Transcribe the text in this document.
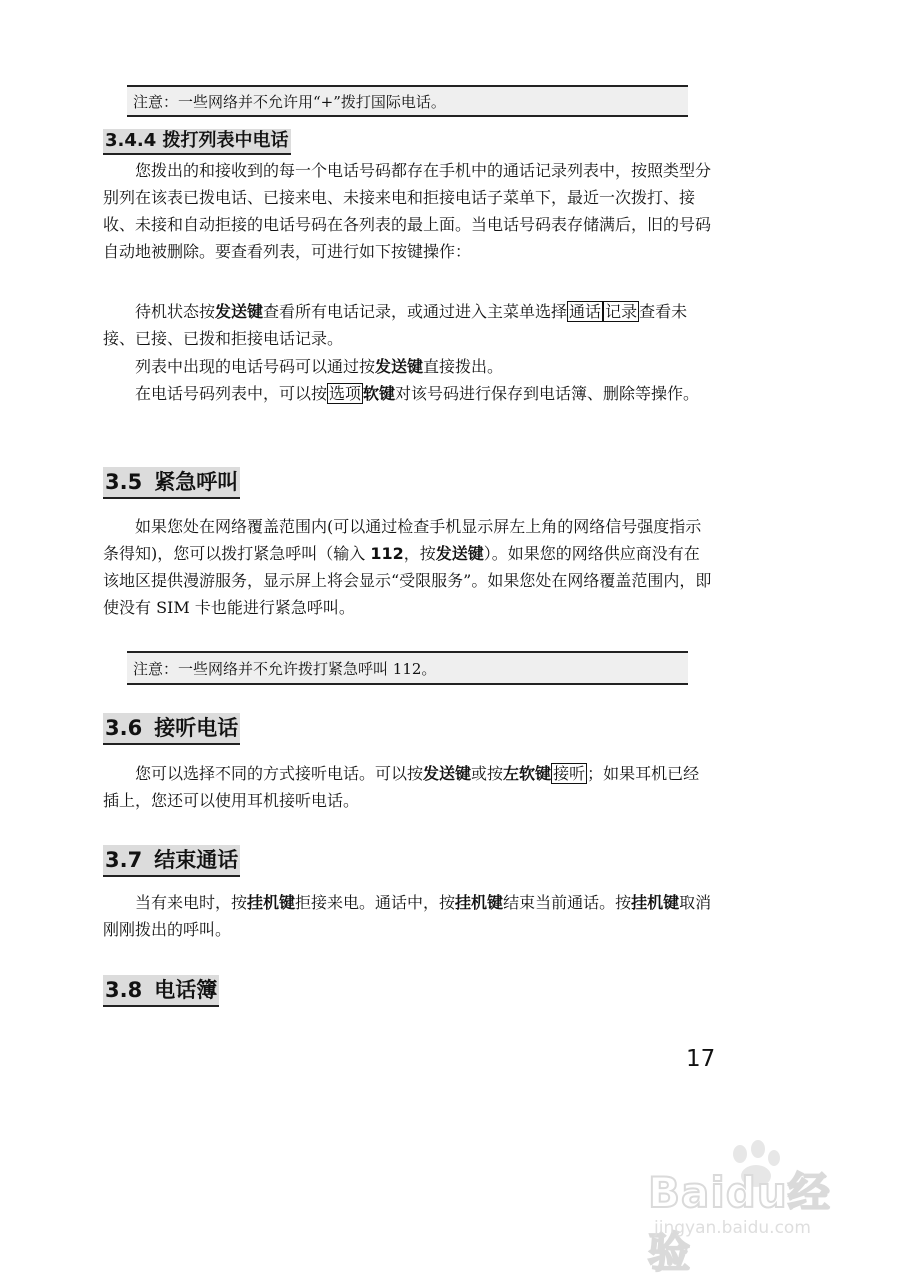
注意：一些网络并不允许用“+”拨打国际电话。
3.4.4 拨打列表中电话

您拨出的和接收到的每一个电话号码都存在手机中的通话记录列表中，按照类型分别列在该表已拨电话、已接来电、未接来电和拒接电话子菜单下，最近一次拨打、接收、未接和自动拒接的电话号码在各列表的最上面。当电话号码表存储满后，旧的号码自动地被删除。要查看列表，可进行如下按键操作：

待机状态按发送键查看所有电话记录，或通过进入主菜单选择 通话 记录 查看未接、已接、已拨和拒接电话记录。

列表中出现的电话号码可以通过按发送键直接拨出。

在电话号码列表中，可以按 选项 软键对该号码进行保存到电话簿、删除等操作。

3.5 紧急呼叫

如果您处在网络覆盖范围内(可以通过检查手机显示屏左上角的网络信号强度指示条得知)，您可以拨打紧急呼叫（输入 112，按发送键）。如果您的网络供应商没有在该地区提供漫游服务，显示屏上将会显示“受限服务”。如果您处在网络覆盖范围内，即使没有 SIM 卡也能进行紧急呼叫。

注意：一些网络并不允许拨打紧急呼叫 112。
3.6 接听电话

您可以选择不同的方式接听电话。可以按发送键或按左软键 接听 ；如果耳机已经插上，您还可以使用耳机接听电话。

3.7 结束通话

当有来电时，按挂机键拒接来电。通话中，按挂机键结束当前通话。按挂机键取消刚刚拨出的呼叫。

3.8 电话簿
17
Baidu经验
jingyan.baidu.com
